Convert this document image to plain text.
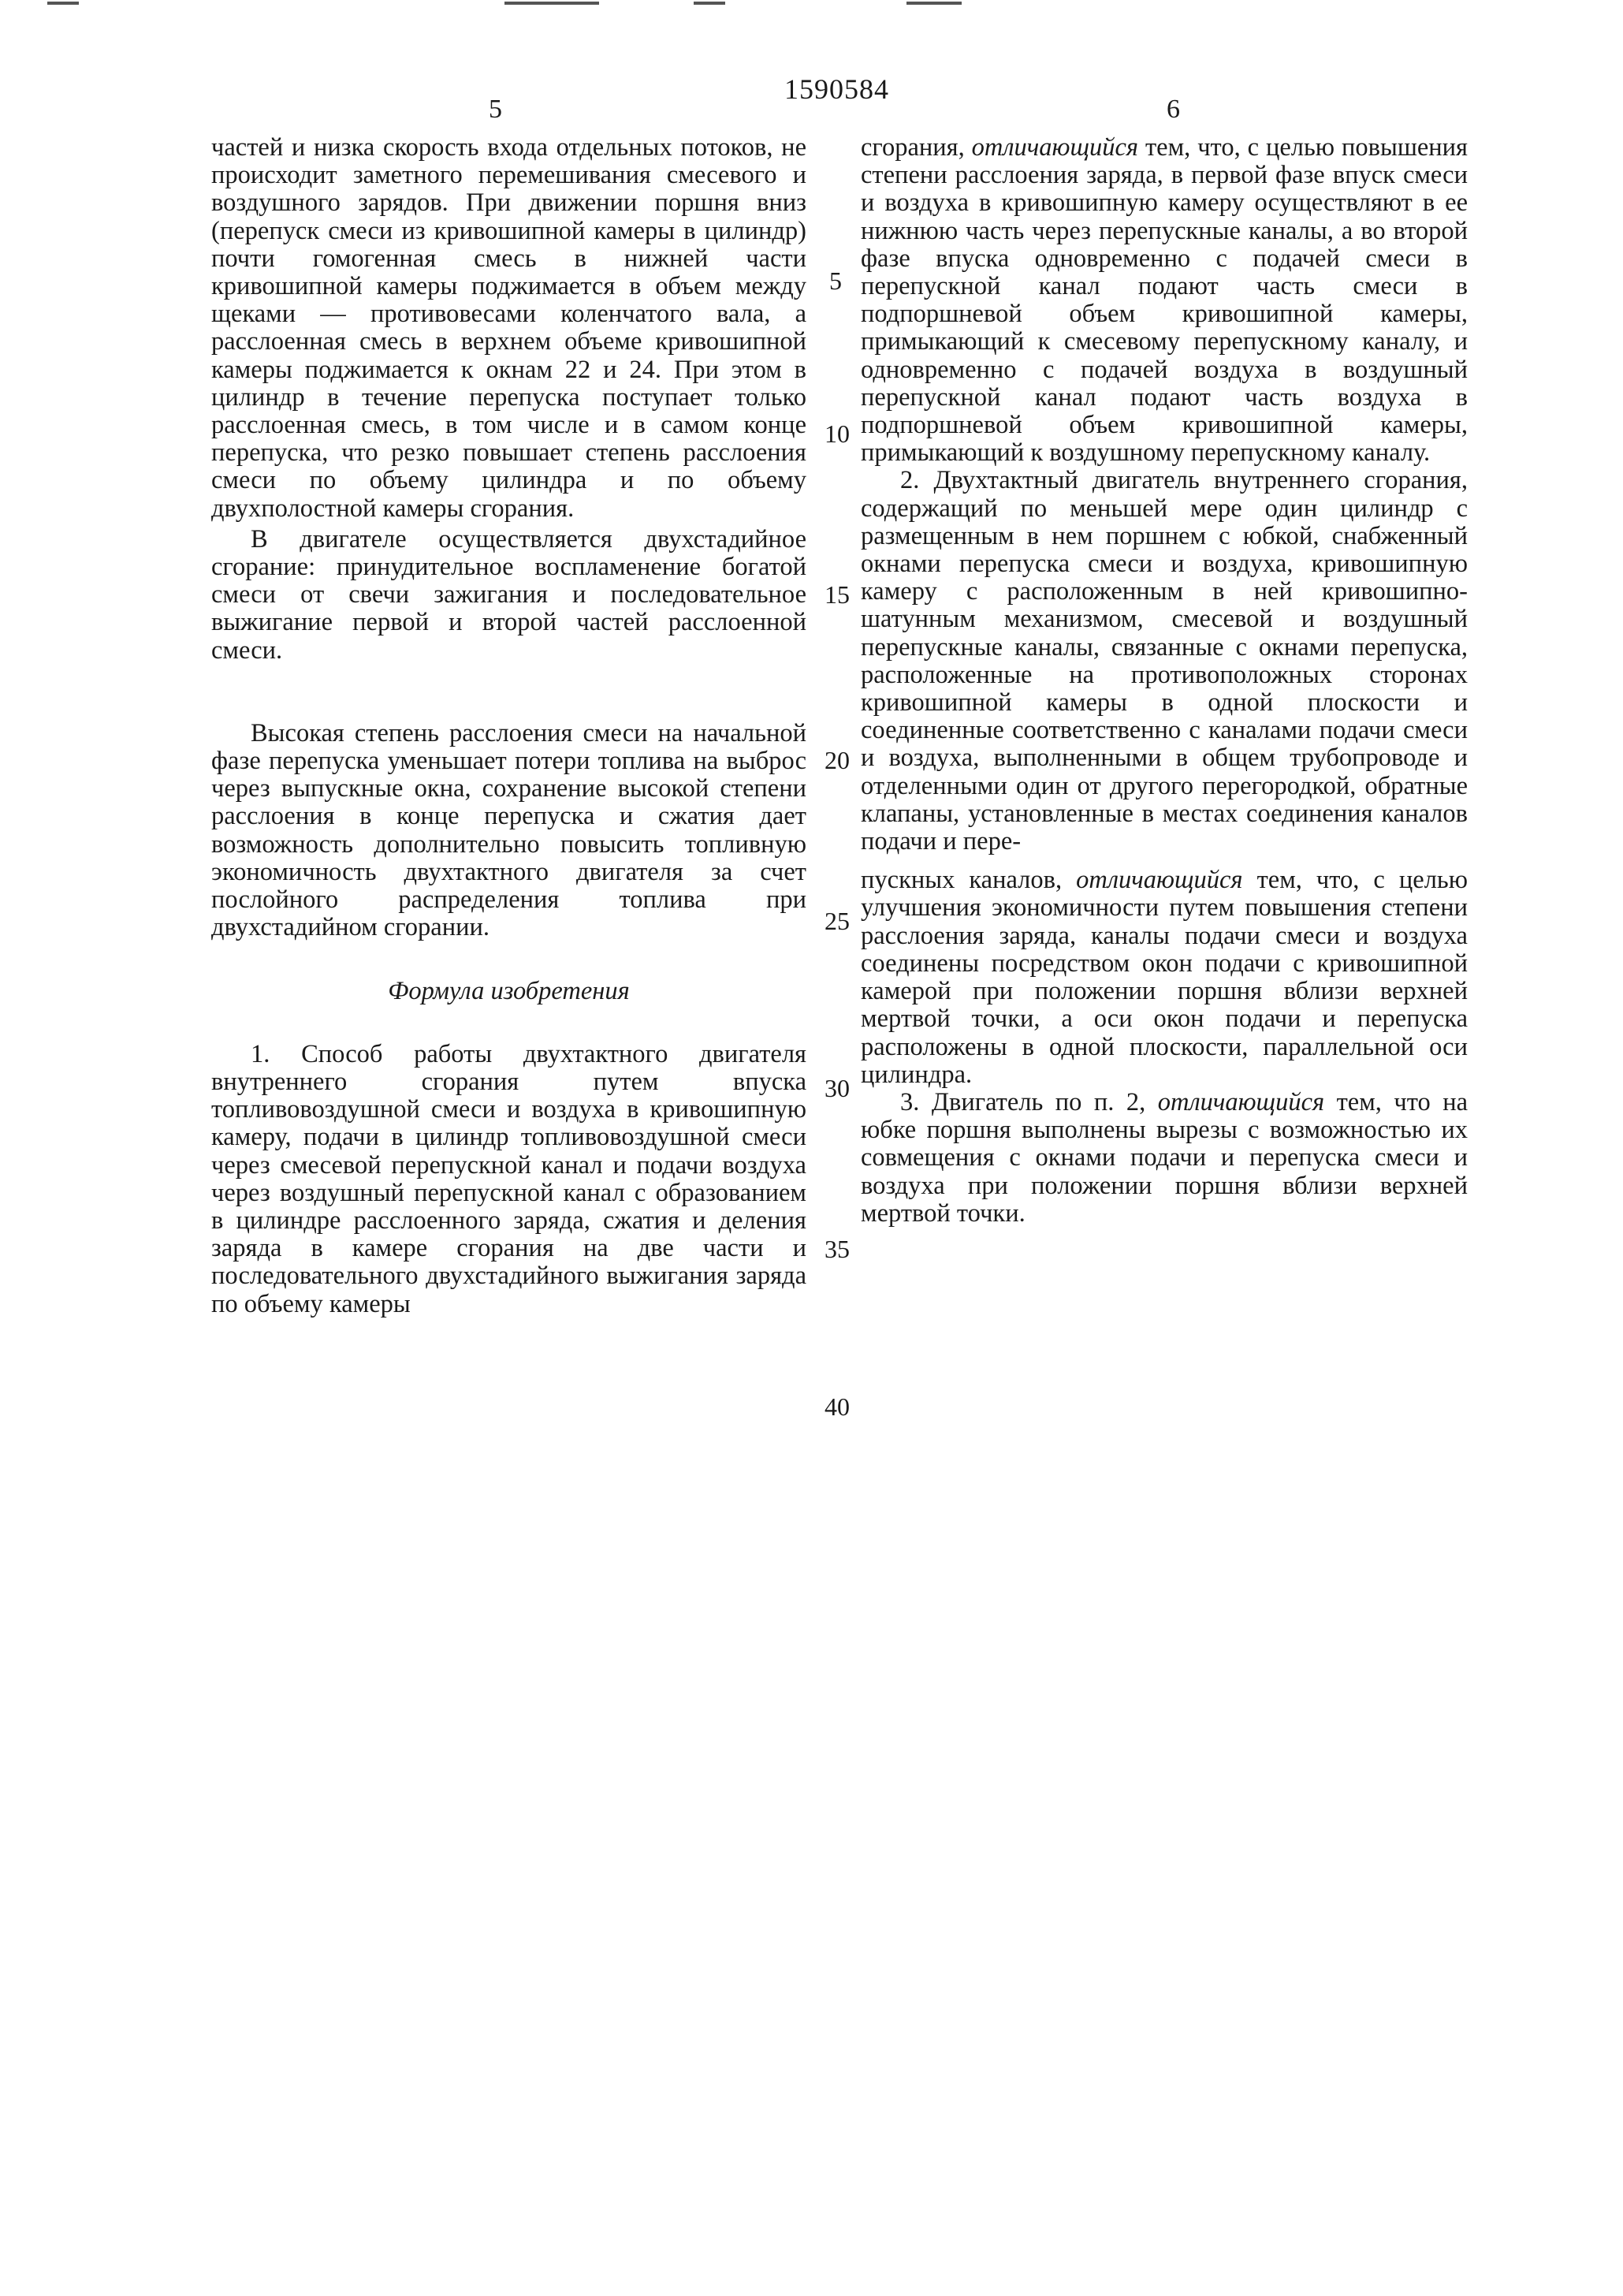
1590584
5	6

частей и низка скорость входа отдельных потоков, не происходит заметного перемешивания смесевого и воздушного зарядов. При движении поршня вниз (перепуск смеси из кривошипной камеры в цилиндр) почти гомогенная смесь в нижней части кривошипной камеры поджимается в объем между щеками — противовесами коленчатого вала, а расслоенная смесь в верхнем объеме кривошипной камеры поджимается к окнам 22 и 24. При этом в цилиндр в течение перепуска поступает только расслоенная смесь, в том числе и в самом конце перепуска, что резко повышает степень расслоения смеси по объему цилиндра и по объему двухполостной камеры сгорания.

В двигателе осуществляется двухстадийное сгорание: принудительное воспламенение богатой смеси от свечи зажигания и последовательное выжигание первой и второй частей расслоенной смеси.

Высокая степень расслоения смеси на начальной фазе перепуска уменьшает потери топлива на выброс через выпускные окна, сохранение высокой степени расслоения в конце перепуска и сжатия дает возможность дополнительно повысить топливную экономичность двухтактного двигателя за счет послойного распределения топлива при двухстадийном сгорании.

Формула изобретения

1. Способ работы двухтактного двигателя внутреннего сгорания путем впуска топливовоздушной смеси и воздуха в кривошипную камеру, подачи в цилиндр топливовоздушной смеси через смесевой перепускной канал и подачи воздуха через воздушный перепускной канал с образованием в цилиндре расслоенного заряда, сжатия и деления заряда в камере сгорания на две части и последовательного двухстадийного выжигания заряда по объему камеры

сгорания, отличающийся тем, что, с целью повышения степени расслоения заряда, в первой фазе впуск смеси и воздуха в кривошипную камеру осуществляют в ее нижнюю часть через перепускные каналы, а во второй фазе впуска одновременно с подачей смеси в перепускной канал подают часть смеси в подпоршневой объем кривошипной камеры, примыкающий к смесевому перепускному каналу, и одновременно с подачей воздуха в воздушный перепускной канал подают часть воздуха в подпоршневой объем кривошипной камеры, примыкающий к воздушному перепускному каналу.

2. Двухтактный двигатель внутреннего сгорания, содержащий по меньшей мере один цилиндр с размещенным в нем поршнем с юбкой, снабженный окнами перепуска смеси и воздуха, кривошипную камеру с расположенным в ней кривошипно-шатунным механизмом, смесевой и воздушный перепускные каналы, связанные с окнами перепуска, расположенные на противоположных сторонах кривошипной камеры в одной плоскости и соединенные соответственно с каналами подачи смеси и воздуха, выполненными в общем трубопроводе и отделенными один от другого перегородкой, обратные клапаны, установленные в местах соединения каналов подачи и пере-

пускных каналов, отличающийся тем, что, с целью улучшения экономичности путем повышения степени расслоения заряда, каналы подачи смеси и воздуха соединены посредством окон подачи с кривошипной камерой при положении поршня вблизи верхней мертвой точки, а оси окон подачи и перепуска расположены в одной плоскости, параллельной оси цилиндра.

3. Двигатель по п. 2, отличающийся тем, что на юбке поршня выполнены вырезы с возможностью их совмещения с окнами подачи и перепуска смеси и воздуха при положении поршня вблизи верхней мертвой точки.

5
10
15
20
25
30
35
40
